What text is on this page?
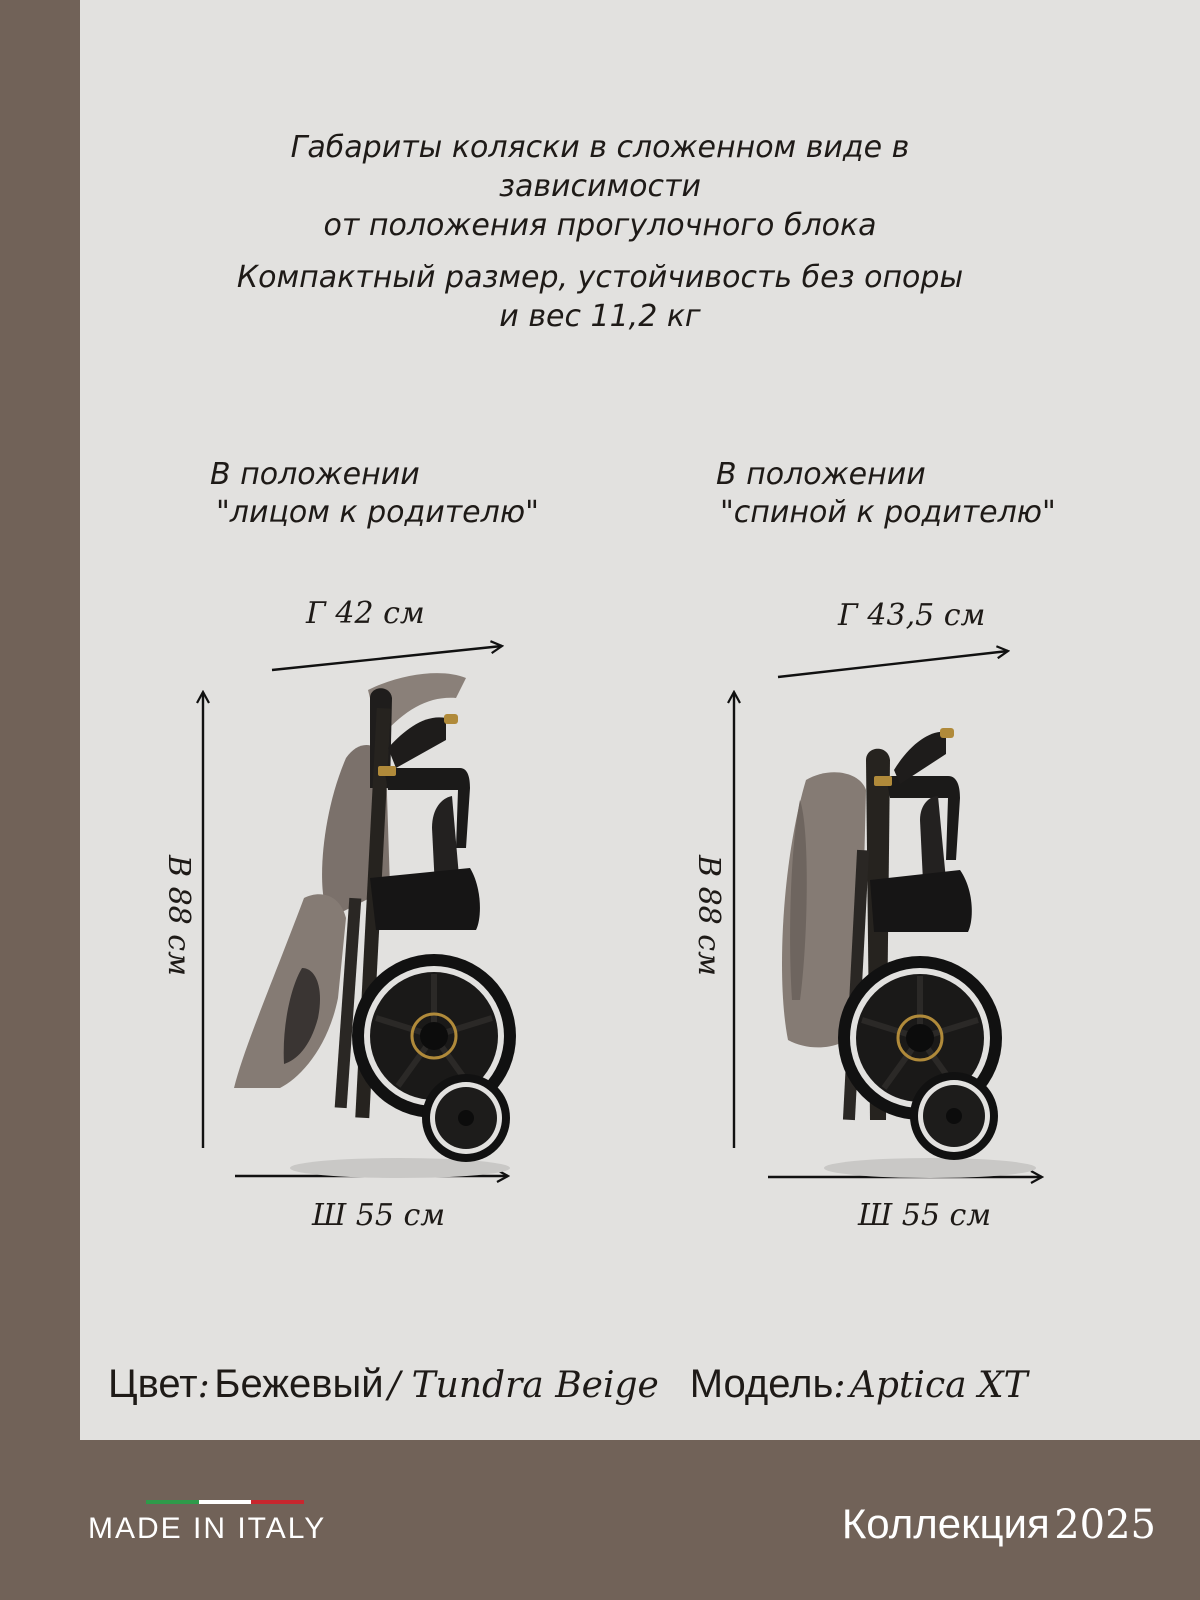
Габариты коляски в сложенном виде в зависимости
от положения прогулочного блока
Компактный размер, устойчивость без опоры
и вес 11,2 кг
В положении
"лицом к родителю"
В положении
"спиной к родителю"
Г 42 см
В 88 см
Ш 55 см
Г 43,5 см
В 88 см
Ш 55 см
Цвет: Бежевый / Tundra Beige Модель: Aptica XT
MADE IN ITALY	Коллекция 2025
